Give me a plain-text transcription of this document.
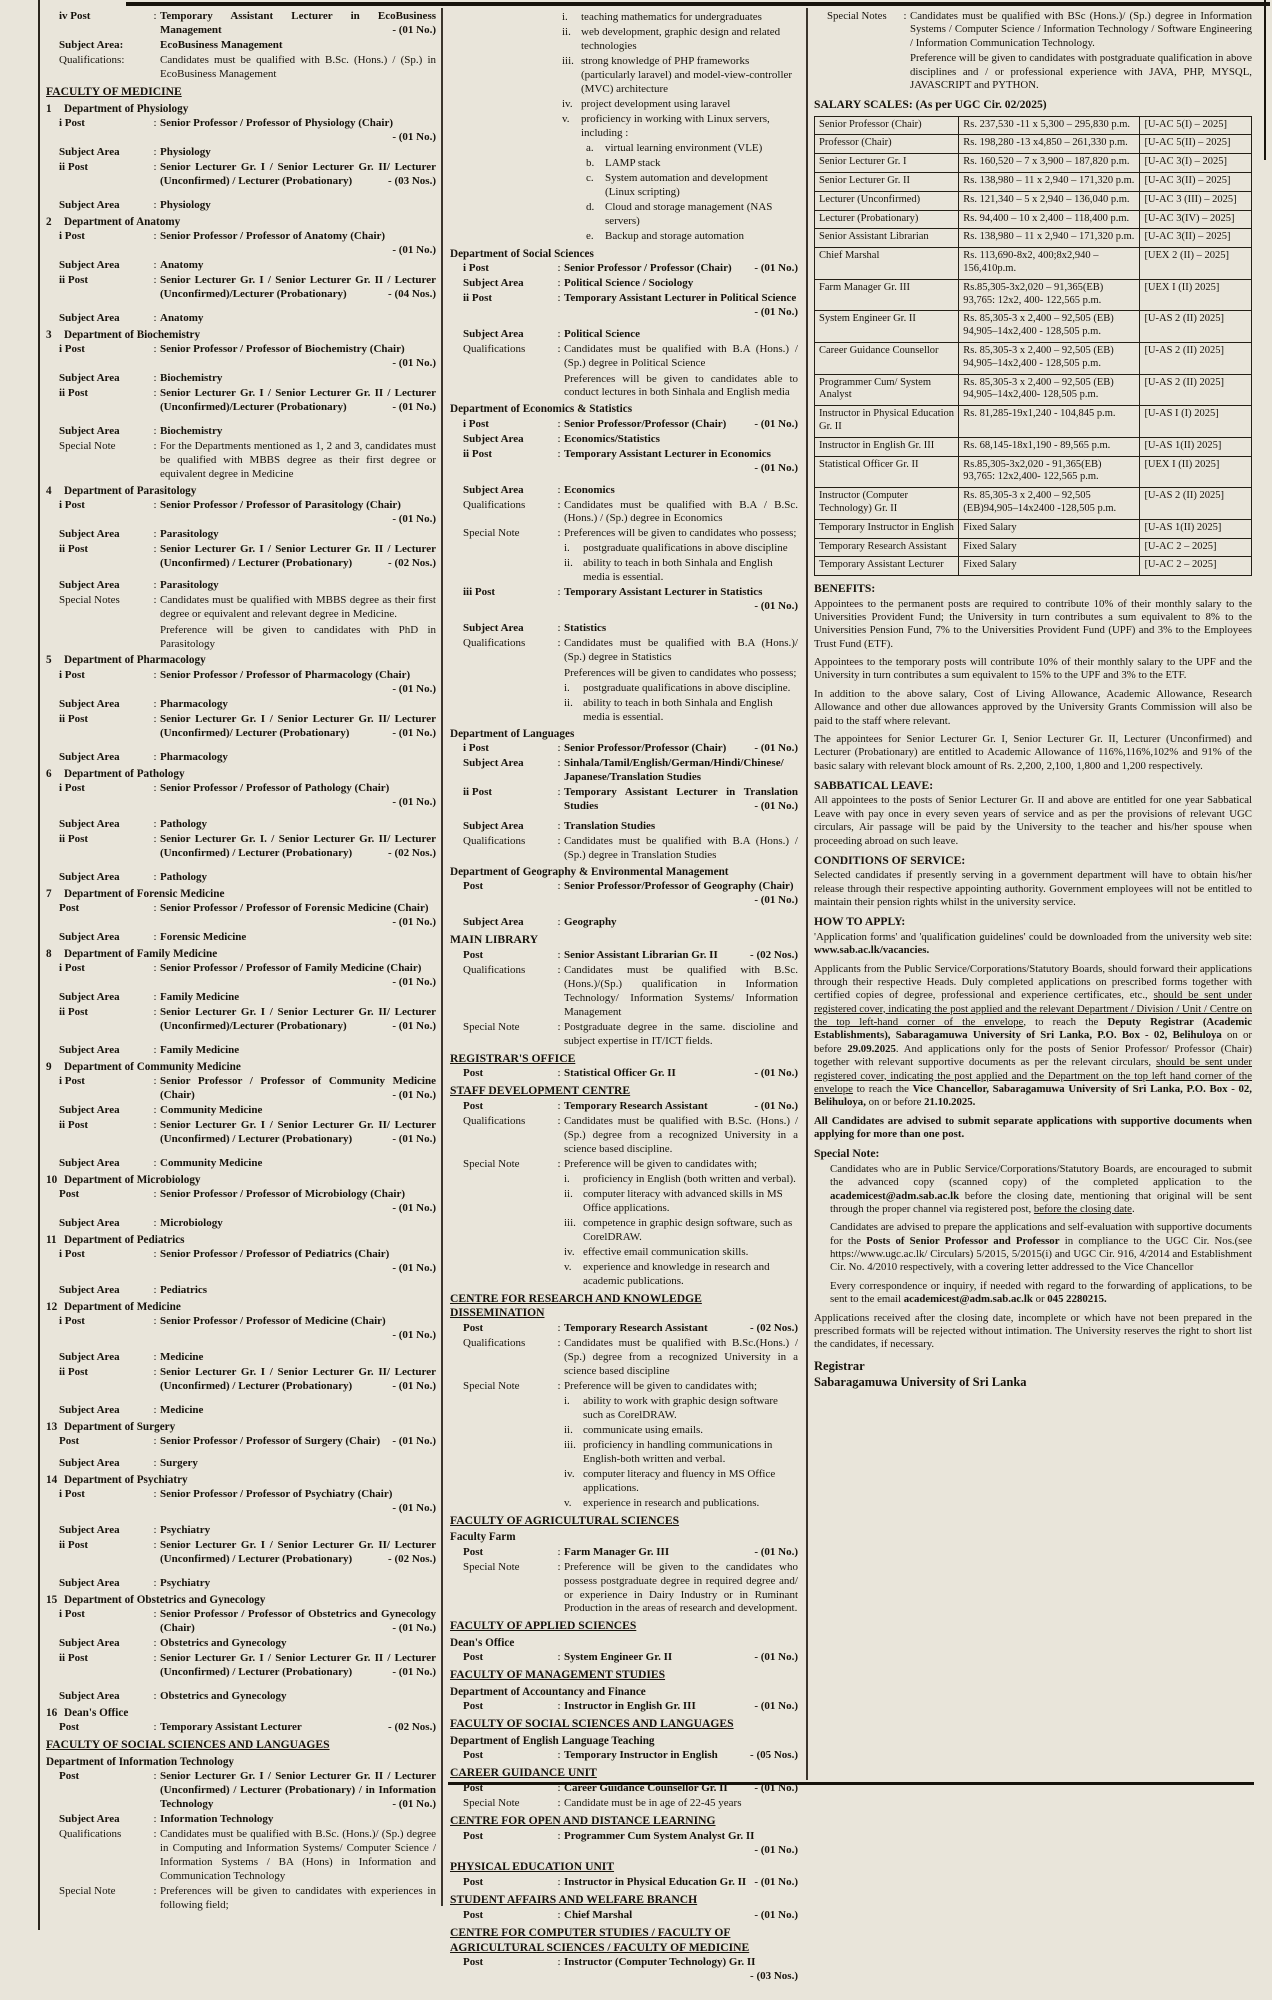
iv Post	: Temporary Assistant Lecturer in EcoBusiness Management	- (01 No.)
Subject Area:	EcoBusiness Management
Qualifications:	Candidates must be qualified with B.Sc. (Hons.) / (Sp.) in EcoBusiness Management
FACULTY OF MEDICINE
1	Department of Physiology
i Post	: Senior Professor / Professor of Physiology (Chair)
- (01 No.)
Subject Area	: Physiology
ii Post	: Senior Lecturer Gr. I / Senior Lecturer Gr. II/ Lecturer (Unconfirmed) / Lecturer (Probationary)	- (03 Nos.)
Subject Area	: Physiology
2	Department of Anatomy
i Post	: Senior Professor / Professor of Anatomy (Chair)
- (01 No.)
Subject Area	: Anatomy
ii Post	: Senior Lecturer Gr. I / Senior Lecturer Gr. II / Lecturer (Unconfirmed)/Lecturer (Probationary)	- (04 Nos.)
Subject Area	: Anatomy
3	Department of Biochemistry
i Post	: Senior Professor / Professor of Biochemistry (Chair)
- (01 No.)
Subject Area	: Biochemistry
ii Post	: Senior Lecturer Gr. I / Senior Lecturer Gr. II / Lecturer (Unconfirmed)/Lecturer (Probationary)	- (01 No.)
Subject Area	: Biochemistry
Special Note	: For the Departments mentioned as 1, 2 and 3, candidates must be qualified with MBBS degree as their first degree or equivalent degree in Medicine
4	Department of Parasitology
i Post	: Senior Professor / Professor of Parasitology (Chair)
- (01 No.)
Subject Area	: Parasitology
ii Post	: Senior Lecturer Gr. I / Senior Lecturer Gr. II / Lecturer (Unconfirmed) / Lecturer (Probationary)	- (02 Nos.)
Subject Area	: Parasitology
Special Notes	: Candidates must be qualified with MBBS degree as their first degree or equivalent and relevant degree in Medicine.
Preference will be given to candidates with PhD in Parasitology
5	Department of Pharmacology
i Post	: Senior Professor / Professor of Pharmacology (Chair)
- (01 No.)
Subject Area	: Pharmacology
ii Post	: Senior Lecturer Gr. I / Senior Lecturer Gr. II/ Lecturer (Unconfirmed)/ Lecturer (Probationary)	- (01 No.)
Subject Area	: Pharmacology
6	Department of Pathology
i Post	: Senior Professor / Professor of Pathology (Chair)
- (01 No.)
Subject Area	: Pathology
ii Post	: Senior Lecturer Gr. I. / Senior Lecturer Gr. II/ Lecturer (Unconfirmed) / Lecturer (Probationary)	- (02 Nos.)
Subject Area	: Pathology
7	Department of Forensic Medicine
Post	: Senior Professor / Professor of Forensic Medicine (Chair)
- (01 No.)
Subject Area	: Forensic Medicine
8	Department of Family Medicine
i Post	: Senior Professor / Professor of Family Medicine (Chair)
- (01 No.)
Subject Area	: Family Medicine
ii Post	: Senior Lecturer Gr. I / Senior Lecturer Gr. II/ Lecturer (Unconfirmed)/Lecturer (Probationary)	- (01 No.)
Subject Area	: Family Medicine
9	Department of Community Medicine
i Post	: Senior Professor / Professor of Community Medicine (Chair)	- (01 No.)
Subject Area	: Community Medicine
ii Post	: Senior Lecturer Gr. I / Senior Lecturer Gr. II/ Lecturer (Unconfirmed) / Lecturer (Probationary)	- (01 No.)
Subject Area	: Community Medicine
10 Department of Microbiology
Post	: Senior Professor / Professor of Microbiology (Chair)
- (01 No.)
Subject Area	: Microbiology
11 Department of Pediatrics
i Post	: Senior Professor / Professor of Pediatrics (Chair)
- (01 No.)
Subject Area	: Pediatrics
12 Department of Medicine
i Post	: Senior Professor / Professor of Medicine (Chair)
- (01 No.)
Subject Area	: Medicine
ii Post	: Senior Lecturer Gr. I / Senior Lecturer Gr. II/ Lecturer (Unconfirmed) / Lecturer (Probationary)	- (01 No.)
Subject Area	: Medicine
13 Department of Surgery
Post	: Senior Professor / Professor of Surgery (Chair)	- (01 No.)
Subject Area	: Surgery
14 Department of Psychiatry
i Post	: Senior Professor / Professor of Psychiatry (Chair)
- (01 No.)
Subject Area	: Psychiatry
ii Post	: Senior Lecturer Gr. I / Senior Lecturer Gr. II/ Lecturer (Unconfirmed) / Lecturer (Probationary)	- (02 Nos.)
Subject Area	: Psychiatry
15 Department of Obstetrics and Gynecology
i Post	: Senior Professor / Professor of Obstetrics and Gynecology (Chair)	- (01 No.)
Subject Area	: Obstetrics and Gynecology
ii Post	: Senior Lecturer Gr. I / Senior Lecturer Gr. II / Lecturer (Unconfirmed) / Lecturer (Probationary)	- (01 No.)
Subject Area	: Obstetrics and Gynecology
16 Dean's Office
Post	: Temporary Assistant Lecturer	- (02 Nos.)
FACULTY OF SOCIAL SCIENCES AND LANGUAGES
Department of Information Technology
Post	: Senior Lecturer Gr. I / Senior Lecturer Gr. II / Lecturer (Unconfirmed) / Lecturer (Probationary) / in Information Technology	- (01 No.)
Subject Area	: Information Technology
Qualifications	: Candidates must be qualified with B.Sc. (Hons.)/ (Sp.) degree in Computing and Information Systems/ Computer Science / Information Systems / BA (Hons) in Information and Communication Technology
Special Note	: Preferences will be given to candidates with experiences in following field;
i.	teaching mathematics for undergraduates
ii. web development, graphic design and related technologies
iii. strong knowledge of PHP frameworks (particularly laravel) and model-view-controller (MVC) architecture
iv. project development using laravel
v.	proficiency in working with Linux servers, including :
a.	virtual learning environment (VLE)
b. LAMP stack
c.	System automation and development (Linux scripting)
d. Cloud and storage management (NAS servers)
e.	Backup and storage automation
Department of Social Sciences
i Post	: Senior Professor / Professor (Chair)	- (01 No.)
Subject Area	: Political Science / Sociology
ii Post	: Temporary Assistant Lecturer in Political Science
- (01 No.)
Subject Area	: Political Science
Qualifications	: Candidates must be qualified with B.A (Hons.) / (Sp.) degree in Political Science
Preferences will be given to candidates able to conduct lectures in both Sinhala and English media
Department of Economics & Statistics
i Post	: Senior Professor/Professor (Chair)	- (01 No.)
Subject Area	: Economics/Statistics
ii Post	: Temporary Assistant Lecturer in Economics
- (01 No.)
Subject Area	: Economics
Qualifications	: Candidates must be qualified with B.A / B.Sc. (Hons.) / (Sp.) degree in Economics
Special Note	: Preferences will be given to candidates who possess;
i.	postgraduate qualifications in above discipline
ii. ability to teach in both Sinhala and English media is essential.
iii Post	: Temporary Assistant Lecturer in Statistics
- (01 No.)
Subject Area	: Statistics
Qualifications	: Candidates must be qualified with B.A (Hons.)/ (Sp.) degree in Statistics
Preferences will be given to candidates who possess;
i.	postgraduate qualifications in above discipline.
ii. ability to teach in both Sinhala and English media is essential.
Department of Languages
i Post	: Senior Professor/Professor (Chair)	- (01 No.)
Subject Area	: Sinhala/Tamil/English/German/Hindi/Chinese/ Japanese/Translation Studies
ii Post	: Temporary Assistant Lecturer in Translation Studies	- (01 No.)
Subject Area	: Translation Studies
Qualifications	: Candidates must be qualified with B.A (Hons.) / (Sp.) degree in Translation Studies
Department of Geography & Environmental Management
Post	: Senior Professor/Professor of Geography (Chair)
- (01 No.)
Subject Area	: Geography
MAIN LIBRARY
Post	: Senior Assistant Librarian Gr. II	- (02 Nos.)
Qualifications	: Candidates must be qualified with B.Sc. (Hons.)/(Sp.) qualification in Information Technology/ Information Systems/ Information Management
Special Note	: Postgraduate degree in the same. discioline and subject expertise in IT/ICT fields.
REGISTRAR'S OFFICE
Post	: Statistical Officer Gr. II	- (01 No.)
STAFF DEVELOPMENT CENTRE
Post	: Temporary Research Assistant	- (01 No.)
Qualifications	: Candidates must be qualified with B.Sc. (Hons.) / (Sp.) degree from a recognized University in a science based discipline.
Special Note	: Preference will be given to candidates with;
i.	proficiency in English (both written and verbal).
ii. computer literacy with advanced skills in MS Office applications.
iii. competence in graphic design software, such as CorelDRAW.
iv. effective email communication skills.
v.	experience and knowledge in research and academic publications.
CENTRE FOR RESEARCH AND KNOWLEDGE DISSEMINATION
Post	: Temporary Research Assistant	- (02 Nos.)
Qualifications	: Candidates must be qualified with B.Sc.(Hons.) / (Sp.) degree from a recognized University in a science based discipline
Special Note	: Preference will be given to candidates with;
i.	ability to work with graphic design software such as CorelDRAW.
ii. communicate using emails.
iii. proficiency in handling communications in English-both written and verbal.
iv. computer literacy and fluency in MS Office applications.
v.	experience in research and publications.
FACULTY OF AGRICULTURAL SCIENCES
Faculty Farm
Post	: Farm Manager Gr. III	- (01 No.)
Special Note	: Preference will be given to the candidates who possess postgraduate degree in required degree and/ or experience in Dairy Industry or in Ruminant Production in the areas of research and development.
FACULTY OF APPLIED SCIENCES
Dean's Office
Post	: System Engineer Gr. II	- (01 No.)
FACULTY OF MANAGEMENT STUDIES
Department of Accountancy and Finance
Post	: Instructor in English Gr. III	- (01 No.)
FACULTY OF SOCIAL SCIENCES AND LANGUAGES
Department of English Language Teaching
Post	: Temporary Instructor in English	- (05 Nos.)
CAREER GUIDANCE UNIT
Post	: Career Guidance Counsellor Gr. II	- (01 No.)
Special Note	: Candidate must be in age of 22-45 years
CENTRE FOR OPEN AND DISTANCE LEARNING
Post	: Programmer Cum System Analyst Gr. II
- (01 No.)
PHYSICAL EDUCATION UNIT
Post	: Instructor in Physical Education Gr. II - (01 No.)
STUDENT AFFAIRS AND WELFARE BRANCH
Post	: Chief Marshal	- (01 No.)
CENTRE FOR COMPUTER STUDIES / FACULTY OF AGRICULTURAL SCIENCES / FACULTY OF MEDICINE
Post	: Instructor (Computer Technology) Gr. II
- (03 Nos.)
Special Notes	: Candidates must be qualified with BSc (Hons.)/ (Sp.) degree in Information Systems / Computer Science / Information Technology / Software Engineering / Information Communication Technology.
Preference will be given to candidates with postgraduate qualification in above disciplines and / or professional experience with JAVA, PHP, MYSQL, JAVASCRIPT and PYTHON.
SALARY SCALES: (As per UGC Cir. 02/2025)
Senior Professor (Chair)	Rs. 237,530 -11 x 5,300 – 295,830 p.m.	[U-AC 5(I) – 2025]
Professor (Chair)	Rs. 198,280 -13 x4,850 – 261,330 p.m.	[U-AC 5(II) – 2025]
Senior Lecturer Gr. I	Rs. 160,520 – 7 x 3,900 – 187,820 p.m.	[U-AC 3(I) – 2025]
Senior Lecturer Gr. II	Rs. 138,980 – 11 x 2,940 – 171,320 p.m.	[U-AC 3(II) – 2025]
Lecturer (Unconfirmed)	Rs. 121,340 – 5 x 2,940 – 136,040 p.m.	[U-AC 3 (III) – 2025]
Lecturer (Probationary)	Rs. 94,400 – 10 x 2,400 – 118,400 p.m.	[U-AC 3(IV) – 2025]
Senior Assistant Librarian	Rs. 138,980 – 11 x 2,940 – 171,320 p.m.	[U-AC 3(II) – 2025]
Chief Marshal	Rs. 113,690-8x2, 400;8x2,940 – 156,410p.m.	[UEX 2 (II) – 2025]
Farm Manager Gr. III	Rs.85,305-3x2,020 – 91,365(EB) 93,765: 12x2, 400- 122,565 p.m.	[UEX I (II) 2025]
System Engineer Gr. II	Rs. 85,305-3 x 2,400 – 92,505 (EB) 94,905–14x2,400 - 128,505 p.m.	[U-AS 2 (II) 2025]
Career Guidance Counsellor	Rs. 85,305-3 x 2,400 – 92,505 (EB) 94,905–14x2,400 - 128,505 p.m.	[U-AS 2 (II) 2025]
Programmer Cum/ System Analyst	Rs. 85,305-3 x 2,400 – 92,505 (EB) 94,905–14x2,400- 128,505 p.m.	[U-AS 2 (II) 2025]
Instructor in Physical Education Gr. II	Rs. 81,285-19x1,240 - 104,845 p.m.	[U-AS I (I) 2025]
Instructor in English Gr. III	Rs. 68,145-18x1,190 - 89,565 p.m.	[U-AS 1(II) 2025]
Statistical Officer Gr. II	Rs.85,305-3x2,020 - 91,365(EB) 93,765: 12x2,400- 122,565 p.m.	[UEX I (II) 2025]
Instructor (Computer Technology) Gr. II	Rs. 85,305-3 x 2,400 – 92,505 (EB)94,905–14x2400 -128,505 p.m.	[U-AS 2 (II) 2025]
Temporary Instructor in English	Fixed Salary	[U-AS 1(II) 2025]
Temporary Research Assistant	Fixed Salary	[U-AC 2 – 2025]
Temporary Assistant Lecturer	Fixed Salary	[U-AC 2 – 2025]
BENEFITS:
Appointees to the permanent posts are required to contribute 10% of their monthly salary to the Universities Provident Fund; the University in turn contributes a sum equivalent to 8% to the Universities Pension Fund, 7% to the Universities Provident Fund (UPF) and 3% to the Employees Trust Fund (ETF).
Appointees to the temporary posts will contribute 10% of their monthly salary to the UPF and the University in turn contributes a sum equivalent to 15% to the UPF and 3% to the ETF.
In addition to the above salary, Cost of Living Allowance, Academic Allowance, Research Allowance and other due allowances approved by the University Grants Commission will also be paid to the staff where relevant.
The appointees for Senior Lecturer Gr. I, Senior Lecturer Gr. II, Lecturer (Unconfirmed) and Lecturer (Probationary) are entitled to Academic Allowance of 116%,116%,102% and 91% of the basic salary with relevant block amount of Rs. 2,200, 2,100, 1,800 and 1,200 respectively.
SABBATICAL LEAVE:
All appointees to the posts of Senior Lecturer Gr. II and above are entitled for one year Sabbatical Leave with pay once in every seven years of service and as per the provisions of relevant UGC circulars, Air passage will be paid by the University to the teacher and his/her spouse when proceeding abroad on such leave.
CONDITIONS OF SERVICE:
Selected candidates if presently serving in a government department will have to obtain his/her release through their respective appointing authority. Government employees will not be entitled to maintain their pension rights whilst in the university service.
HOW TO APPLY:
'Application forms' and 'qualification guidelines' could be downloaded from the university web site: www.sab.ac.lk/vacancies.
Applicants from the Public Service/Corporations/Statutory Boards, should forward their applications through their respective Heads. Duly completed applications on prescribed forms together with certified copies of degree, professional and experience certificates, etc., should be sent under registered cover, indicating the post applied and the relevant Department / Division / Unit / Centre on the top left-hand corner of the envelope, to reach the Deputy Registrar (Academic Establishments), Sabaragamuwa University of Sri Lanka, P.O. Box - 02, Belihuloya on or before 29.09.2025. And applications only for the posts of Senior Professor/ Professor (Chair) together with relevant supportive documents as per the relevant circulars, should be sent under registered cover, indicating the post applied and the Department on the top left hand corner of the envelope to reach the Vice Chancellor, Sabaragamuwa University of Sri Lanka, P.O. Box - 02, Belihuloya, on or before 21.10.2025.
All Candidates are advised to submit separate applications with supportive documents when applying for more than one post.
Special Note:
Candidates who are in Public Service/Corporations/Statutory Boards, are encouraged to submit the advanced copy (scanned copy) of the completed application to the academicest@adm.sab.ac.lk before the closing date, mentioning that original will be sent through the proper channel via registered post, before the closing date.
Candidates are advised to prepare the applications and self-evaluation with supportive documents for the Posts of Senior Professor and Professor in compliance to the UGC Cir. Nos.(see https://www.ugc.ac.lk/ Circulars) 5/2015, 5/2015(i) and UGC Cir. 916, 4/2014 and Establishment Cir. No. 4/2010 respectively, with a covering letter addressed to the Vice Chancellor
Every correspondence or inquiry, if needed with regard to the forwarding of applications, to be sent to the email academicest@adm.sab.ac.lk or 045 2280215.
Applications received after the closing date, incomplete or which have not been prepared in the prescribed formats will be rejected without intimation. The University reserves the right to short list the candidates, if necessary.
Registrar
Sabaragamuwa University of Sri Lanka
